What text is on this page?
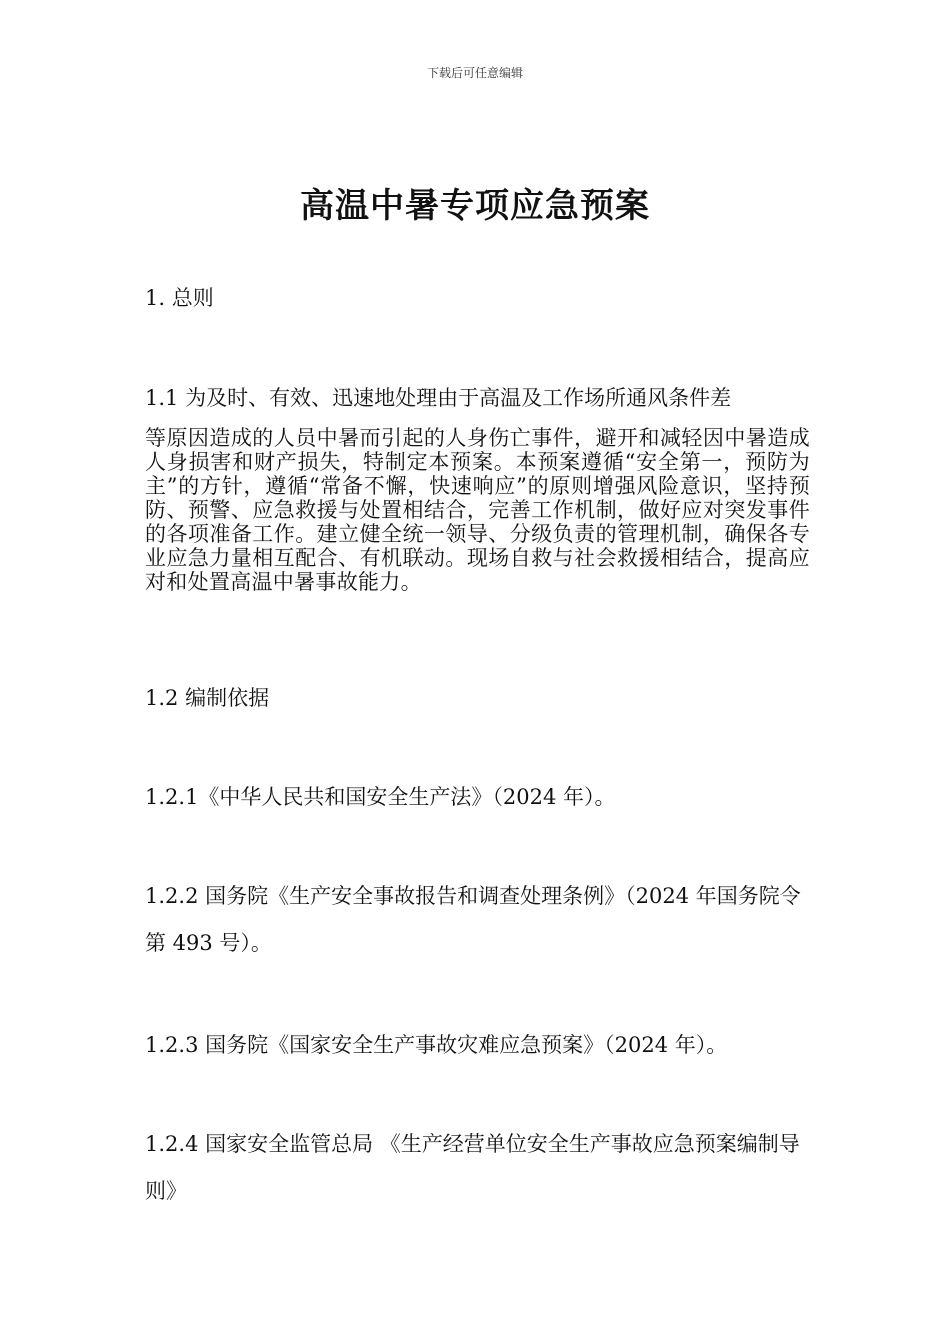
下载后可任意编辑
高温中暑专项应急预案
1. 总则
1.1 为及时、有效、迅速地处理由于高温及工作场所通风条件差
等原因造成的人员中暑而引起的人身伤亡事件，避开和减轻因中暑造成人身损害和财产损失，特制定本预案。本预案遵循“安全第一，预防为主”的方针，遵循“常备不懈，快速响应”的原则增强风险意识，坚持预防、预警、应急救援与处置相结合，完善工作机制，做好应对突发事件的各项准备工作。建立健全统一领导、分级负责的管理机制，确保各专业应急力量相互配合、有机联动。现场自救与社会救援相结合，提高应对和处置高温中暑事故能力。
1.2 编制依据
1.2.1《中华人民共和国安全生产法》（2024 年）。
1.2.2 国务院《生产安全事故报告和调查处理条例》（2024 年国务院令第 493 号）。
1.2.3 国务院《国家安全生产事故灾难应急预案》（2024 年）。
1.2.4 国家安全监管总局 《生产经营单位安全生产事故应急预案编制导则》
